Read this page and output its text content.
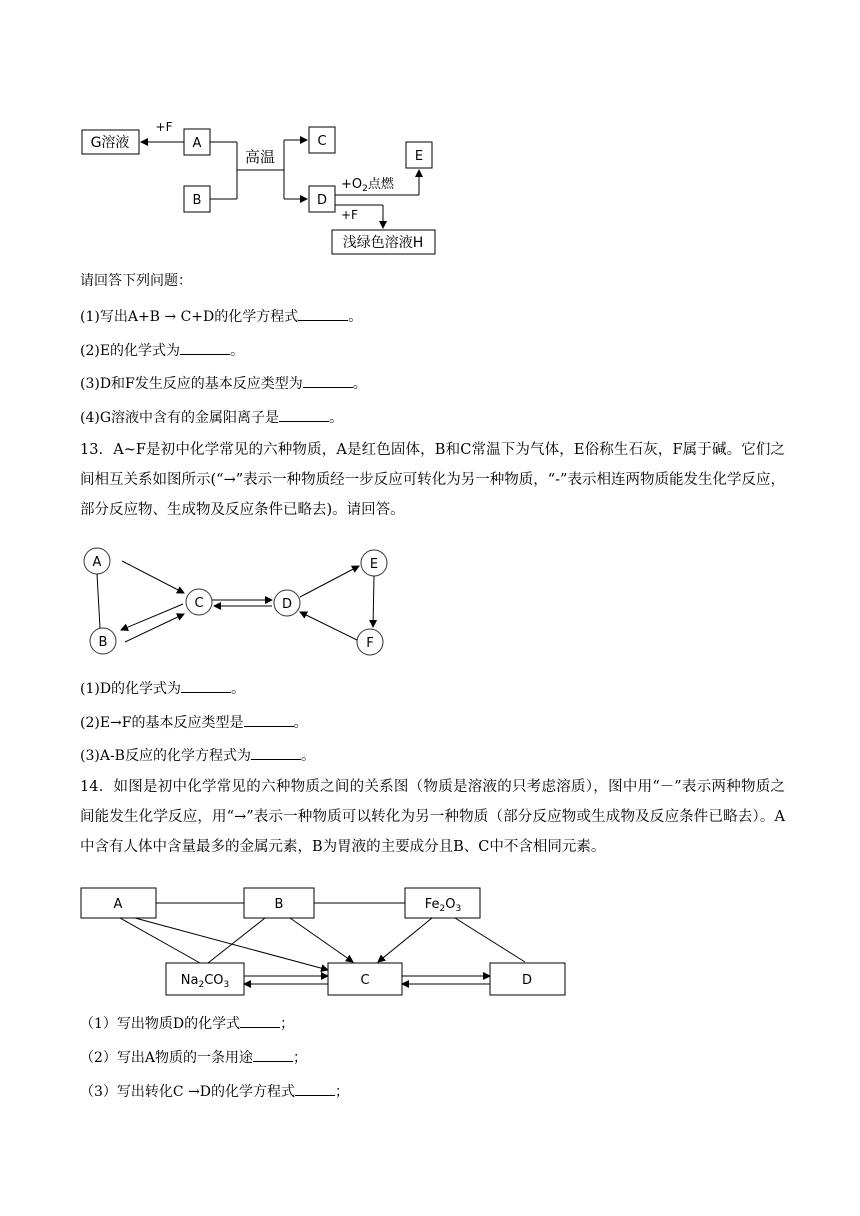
G溶液
+F
A
B
高温
C
D
E
$+O_2$点燃
+F
浅绿色溶液H
请回答下列问题：
(1)写出A+B → C+D的化学方程式	。
(2)E的化学式为	。
(3)D和F发生反应的基本反应类型为	。
(4)G溶液中含有的金属阳离子是	。
13．A~F是初中化学常见的六种物质，A是红色固体，B和C常温下为气体，E俗称生石灰，F属于碱。它们之间相互关系如图所示(“→”表示一种物质经一步反应可转化为另一种物质，“-”表示相连两物质能发生化学反应，部分反应物、生成物及反应条件已略去)。请回答。
A
B
C	D
E
F
(1)D的化学式为	。
(2)E→F的基本反应类型是	。
(3)A-B反应的化学方程式为	。
14．如图是初中化学常见的六种物质之间的关系图（物质是溶液的只考虑溶质），图中用“－”表示两种物质之间能发生化学反应，用“→”表示一种物质可以转化为另一种物质（部分反应物或生成物及反应条件已略去）。A中含有人体中含量最多的金属元素，B为胃液的主要成分且B、C中不含相同元素。
A	B	$Fe_2O_3$
$Na_2CO_3$	C	D
（1）写出物质D的化学式	；
（2）写出A物质的一条用途	；
（3）写出转化C →D的化学方程式	；
